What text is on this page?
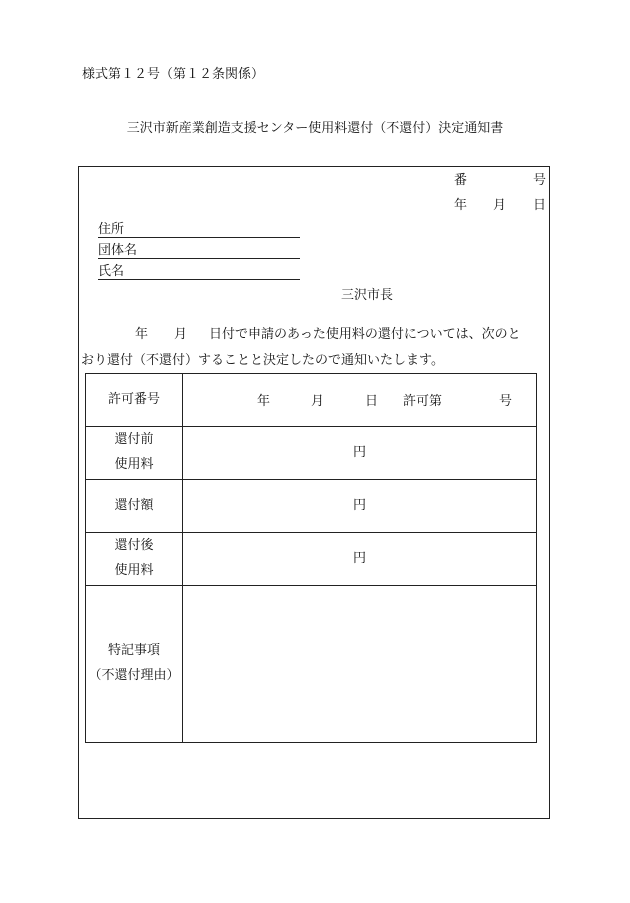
様式第１２号（第１２条関係）
三沢市新産業創造支援センター使用料還付（不還付）決定通知書
番	号
年 月 日
住所
団体名
氏名
三沢市長
年 月 日付で申請のあった使用料の還付については、次のと
おり還付（不還付）することと決定したので通知いたします。
許可番号	年 月 日 許可第 号

還付前
使用料	円
還付額	円
還付後
使用料	円
特記事項
（不還付理由）	
